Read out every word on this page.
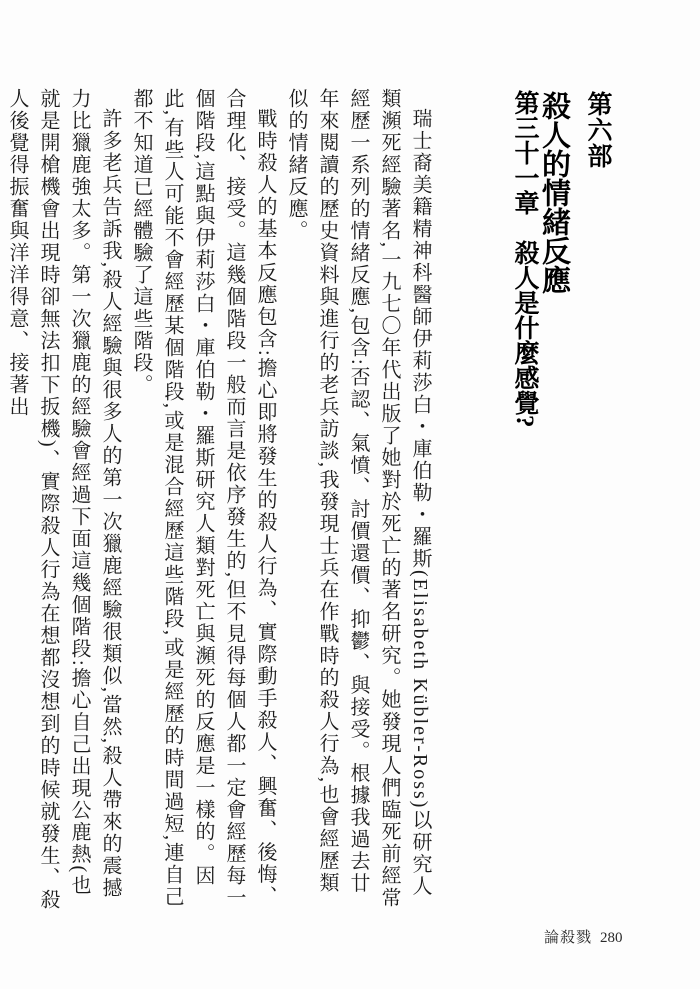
瑞士裔美籍精神科醫師伊莉莎白・庫伯勒・羅斯(Elisabeth Kübler-Ross)以研究人類瀕死經驗著名,一九七〇年代出版了她對於死亡的著名研究。她發現人們臨死前經常經歷一系列的情緒反應,包含:否認、氣憤、討價還價、抑鬱、與接受。根據我過去廿年來閱讀的歷史資料與進行的老兵訪談,我發現士兵在作戰時的殺人行為,也會經歷類似的情緒反應。

戰時殺人的基本反應包含:擔心即將發生的殺人行為、實際動手殺人、興奮、後悔、合理化、接受。這幾個階段一般而言是依序發生的,但不見得每個人都一定會經歷每一個階段,這點與伊莉莎白・庫伯勒・羅斯研究人類對死亡與瀕死的反應是一樣的。因此,有些人可能不會經歷某個階段,或是混合經歷這些階段,或是經歷的時間過短,連自己都不知道已經體驗了這些階段。

許多老兵告訴我,殺人經驗與很多人的第一次獵鹿經驗很類似,當然,殺人帶來的震撼力比獵鹿強太多。第一次獵鹿的經驗會經過下面這幾個階段:擔心自己出現公鹿熱(也就是開槍機會出現時卻無法扣下扳機)、實際殺人行為在想都沒想到的時候就發生、殺人後覺得振奮與洋洋得意、接著出	第三十一章　殺人是什麼感覺? 第六部
殺人的情緒反應
論殺戮 280
